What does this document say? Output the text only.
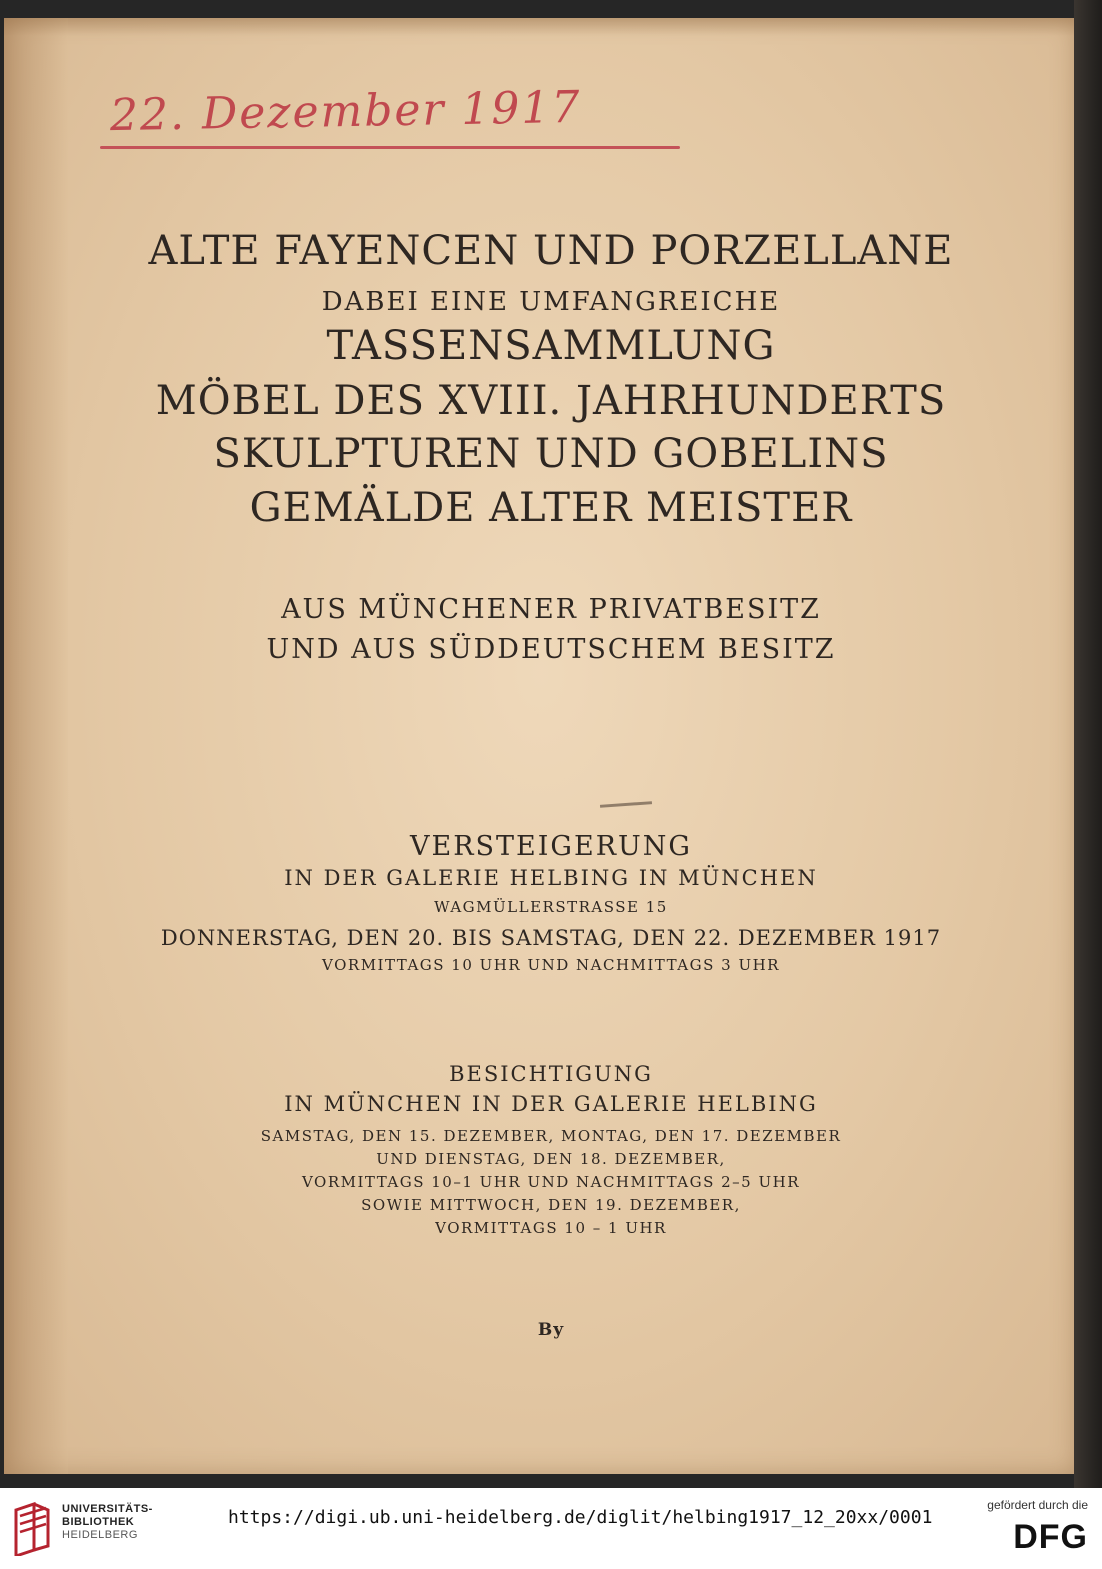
22. Dezember 1917
ALTE FAYENCEN UND PORZELLANE
DABEI EINE UMFANGREICHE
TASSENSAMMLUNG
MÖBEL DES XVIII. JAHRHUNDERTS
SKULPTUREN UND GOBELINS
GEMÄLDE ALTER MEISTER
AUS MÜNCHENER PRIVATBESITZ
UND AUS SÜDDEUTSCHEM BESITZ
VERSTEIGERUNG
IN DER GALERIE HELBING IN MÜNCHEN
WAGMÜLLERSTRASSE 15
DONNERSTAG, DEN 20. BIS SAMSTAG, DEN 22. DEZEMBER 1917
VORMITTAGS 10 UHR UND NACHMITTAGS 3 UHR
BESICHTIGUNG
IN MÜNCHEN IN DER GALERIE HELBING
SAMSTAG, DEN 15. DEZEMBER, MONTAG, DEN 17. DEZEMBER
UND DIENSTAG, DEN 18. DEZEMBER,
VORMITTAGS 10–1 UHR UND NACHMITTAGS 2–5 UHR
SOWIE MITTWOCH, DEN 19. DEZEMBER,
VORMITTAGS 10 – 1 UHR
By
UNIVERSITÄTS-
BIBLIOTHEK
HEIDELBERG
https://digi.ub.uni-heidelberg.de/diglit/helbing1917_12_20xx/0001
gefördert durch die
DFG
